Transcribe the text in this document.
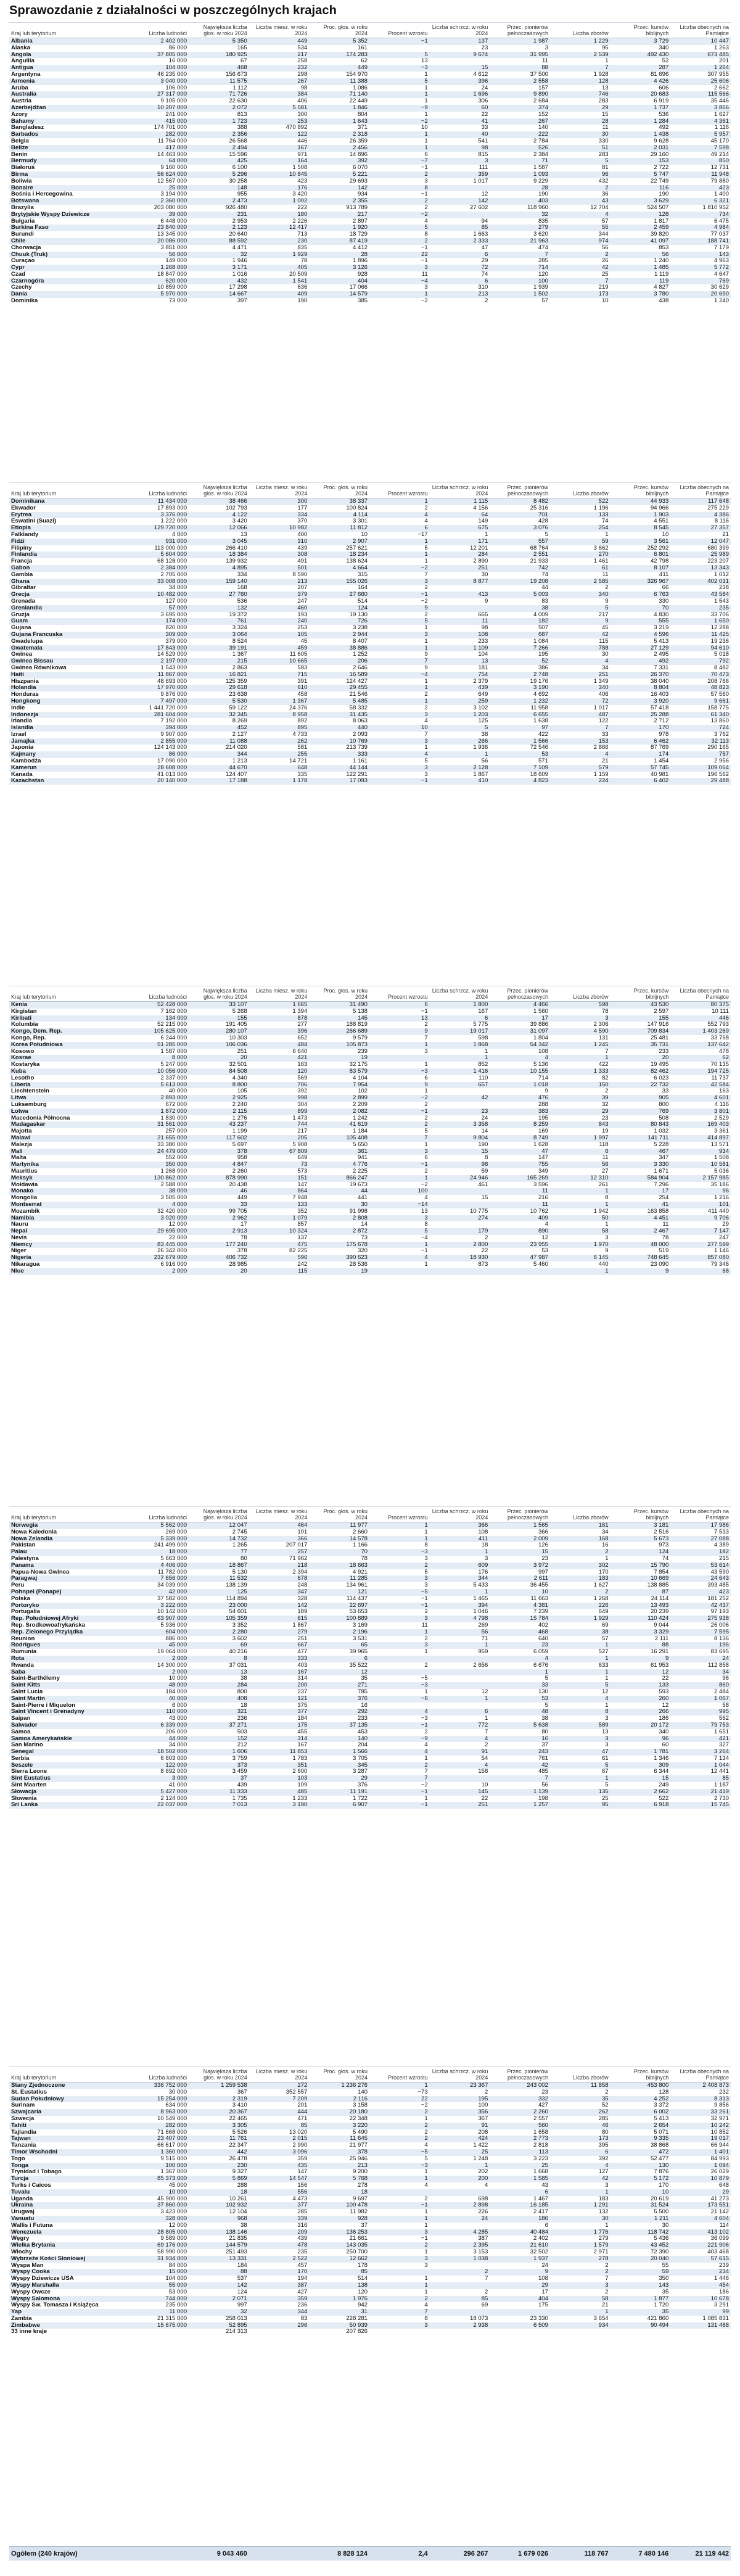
Sprawozdanie z działalności w poszczególnych krajach
Kraj lub terytorium	Liczba ludności	Największa liczba głos. w roku 2024	Liczba miesz. w roku 2024	Proc. głos. w roku 2024	Procent wzrostu	Liczba schrzcz. w roku 2024	Przec. pionierów pełnoczasowych	Liczba zborów	Przec. kursów biblijnych	Liczba obecnych na Pamiątce
Albania	2 402 000	5 350	449	5 352	−1	137	1 987	1 229	3 729	10 447
Alaska	86 000	165	534	161		23	3	95	340	1 263
Angola	37 805 000	180 925	217	174 283	5	9 674	31 995	2 539	492 430	673 485
Anguilla	16 000	67	258	62	13		11	1	52	201
Antigua	104 000	468	232	449	−3	15	88	7	287	1 264
Argentyna	46 235 000	156 673	298	154 970	1	4 612	37 500	1 928	81 696	307 955
Armenia	3 040 000	11 575	267	11 388	5	396	2 558	128	4 426	25 606
Aruba	106 000	1 112	98	1 086	1	24	157	13	606	2 662
Australia	27 317 000	71 726	384	71 140	1	1 696	9 890	746	20 683	115 566
Austria	9 105 000	22 630	406	22 449	1	306	2 684	283	6 919	35 446
Azerbejdżan	10 207 000	2 072	5 581	1 846	−9	60	374	29	1 737	3 866
Azory	241 000	813	300	804	1	22	152	15	536	1 627
Bahamy	415 000	1 723	253	1 643	−2	41	267	28	1 284	4 361
Bangladesz	174 701 000	388	470 892	371	10	33	140	11	492	1 116
Barbados	282 000	2 356	122	2 318	1	40	222	30	1 438	5 957
Belgia	11 764 000	26 568	446	26 359	1	541	2 784	330	9 628	45 170
Belize	417 000	2 494	167	2 456	1	98	526	51	2 031	7 598
Benin	14 463 000	15 596	971	14 896	6	815	2 384	283	29 160	49 214
Bermudy	64 000	425	164	392	−7	3	71	5	153	850
Białoruś	9 160 000	6 100	1 508	6 070	−1	111	1 587	81	2 722	12 731
Birma	56 624 000	5 296	10 845	5 221	2	359	1 093	96	5 747	11 948
Boliwia	12 567 000	30 258	423	29 693	3	1 017	9 229	432	22 749	79 880
Bonaire	25 000	148	176	142	8		28	2	116	423
Bośnia i Hercegowina	3 194 000	955	3 420	934	−1	12	190	36	190	1 400
Botswana	2 360 000	2 473	1 002	2 355	2	142	403	43	3 629	6 321
Brazylia	203 080 000	926 480	222	913 789	2	27 602	118 960	12 704	524 507	1 810 952
Brytyjskie Wyspy Dziewicze	39 000	231	180	217	−2		32	4	128	734
Bułgaria	6 448 000	2 953	2 226	2 897	4	94	835	57	1 817	6 475
Burkina Faso	23 840 000	2 123	12 417	1 920	5	85	279	55	2 459	4 984
Burundi	13 345 000	20 640	713	18 729	8	1 663	3 620	344	39 820	77 037
Chile	20 086 000	88 592	230	87 419	2	2 333	21 963	974	41 097	188 741
Chorwacja	3 851 000	4 471	835	4 412	−1	47	474	56	853	7 179
Chuuk (Truk)	56 000	32	1 929	28	22	6	7	2	56	143
Curaçao	149 000	1 946	78	1 896	−1	29	285	26	1 240	4 963
Cypr	1 268 000	3 171	405	3 126	3	72	714	42	1 485	5 772
Czad	18 847 000	1 016	20 509	928	11	74	120	25	1 119	4 647
Czarnogóra	620 000	432	1 541	404	−4	6	100	7	119	769
Czechy	10 859 000	17 298	636	17 066	3	310	1 939	219	4 827	30 629
Dania	5 970 000	14 667	409	14 579	1	213	1 502	173	3 780	20 690
Dominika	73 000	397	190	385	−2	2	57	10	438	1 240
Kraj lub terytorium	Liczba ludności	Największa liczba głos. w roku 2024	Liczba miesz. w roku 2024	Proc. głos. w roku 2024	Procent wzrostu	Liczba schrzcz. w roku 2024	Przec. pionierów pełnoczasowych	Liczba zborów	Przec. kursów biblijnych	Liczba obecnych na Pamiątce
Dominikana	11 434 000	38 466	300	38 337	1	1 115	8 482	522	44 933	117 648
Ekwador	17 893 000	102 793	177	100 824	2	4 156	25 316	1 196	94 966	275 229
Erytrea	3 376 000	4 122	334	4 114	4	64	701	133	1 903	4 386
Eswatini (Suazi)	1 222 000	3 420	370	3 301	4	149	428	74	4 551	8 116
Etiopia	129 720 000	12 066	10 982	11 812	6	675	3 076	254	8 545	27 357
Falklandy	4 000	13	400	10	−17	1	5	1	10	21
Fidżi	931 000	3 045	310	2 907	1	171	557	59	3 561	12 047
Filipiny	113 000 000	266 410	439	257 621	5	12 201	68 764	3 662	252 292	680 399
Finlandia	5 604 000	18 384	308	18 234	1	284	2 551	270	6 801	25 989
Francja	68 128 000	139 932	491	138 624	1	2 890	21 933	1 461	42 798	223 207
Gabon	2 384 000	4 895	501	4 664	−2	251	742	61	8 107	13 343
Gambia	2 705 000	334	8 590	315	7	30	74	11	411	1 012
Ghana	33 008 000	159 140	213	155 026	3	8 877	19 208	2 585	326 967	402 031
Gibraltar	34 000	168	207	164	2		44	2	66	238
Grecja	10 482 000	27 760	379	27 660	−1	413	5 003	340	6 763	43 584
Grenada	127 000	536	247	514	−2	9	83	9	330	1 543
Grenlandia	57 000	132	460	124	9		38	5	70	235
Gruzja	3 695 000	19 372	193	19 130	2	665	4 009	217	4 830	33 706
Guam	174 000	761	240	726	5	11	182	9	555	1 650
Gujana	820 000	3 324	253	3 238	1	98	507	45	3 219	12 288
Gujana Francuska	309 000	3 064	105	2 944	3	108	687	42	4 596	11 425
Gwadelupa	379 000	8 524	45	8 407	1	233	1 084	115	5 413	19 236
Gwatemala	17 843 000	39 191	459	38 886	1	1 109	7 266	788	27 129	94 610
Gwinea	14 529 000	1 367	11 605	1 252	9	104	195	30	2 495	5 018
Gwinea Bissau	2 197 000	215	10 665	206	7	13	52	4	492	792
Gwinea Równikowa	1 543 000	2 863	583	2 646	9	181	386	34	7 331	8 482
Haiti	11 867 000	16 821	715	16 589	−4	754	2 748	251	26 370	70 473
Hiszpania	48 693 000	125 359	391	124 427	1	2 379	19 176	1 349	38 040	208 766
Holandia	17 970 000	29 618	610	29 455	1	439	3 190	340	8 804	48 823
Honduras	9 876 000	23 638	458	21 546	2	649	4 692	406	16 403	57 560
Hongkong	7 497 000	5 530	1 367	5 485	1	259	1 232	72	3 920	9 661
Indie	1 441 720 000	59 122	24 376	58 332	2	3 102	11 958	1 017	57 418	158 775
Indonezja	281 604 000	32 345	8 958	31 435	3	1 203	6 655	487	25 288	61 340
Irlandia	7 192 000	8 269	892	8 063	4	125	1 638	122	2 712	13 860
Islandia	394 000	452	895	440	10	5	97	7	170	724
Izrael	9 907 000	2 127	4 733	2 093	7	38	422	33	978	3 762
Jamajka	2 855 000	11 088	262	10 769	3	266	1 566	153	6 462	32 113
Japonia	124 143 000	214 020	581	213 739	1	1 936	72 546	2 866	87 769	290 165
Kajmany	86 000	344	255	333	4	1	53	4	174	757
Kambodża	17 090 000	1 213	14 721	1 161	5	56	571	21	1 454	2 956
Kamerun	28 608 000	44 670	648	44 144	3	2 128	7 109	579	57 745	109 064
Kanada	41 013 000	124 407	335	122 291	3	1 867	18 609	1 159	40 981	196 562
Kazachstan	20 140 000	17 188	1 178	17 093	−1	410	4 823	224	6 402	29 488
Kraj lub terytorium	Liczba ludności	Największa liczba głos. w roku 2024	Liczba miesz. w roku 2024	Proc. głos. w roku 2024	Procent wzrostu	Liczba schrzcz. w roku 2024	Przec. pionierów pełnoczasowych	Liczba zborów	Przec. kursów biblijnych	Liczba obecnych na Pamiątce
Kenia	52 428 000	33 107	1 665	31 490	6	1 800	4 466	598	43 530	80 375
Kirgistan	7 162 000	5 268	1 394	5 138	−1	167	1 560	78	2 597	10 111
Kiribati	134 000	155	878	145	13	6	17	3	155	446
Kolumbia	52 215 000	191 405	277	188 819	2	5 775	39 886	2 306	147 916	552 793
Kongo, Dem. Rep.	105 625 000	280 107	396	266 689	9	19 017	31 097	4 590	709 834	1 403 269
Kongo, Rep.	6 244 000	10 303	652	9 579	7	598	1 804	131	25 481	33 768
Korea Południowa	51 285 000	106 036	484	105 873	1	1 868	54 342	1 245	35 731	137 642
Kosowo	1 587 000	251	6 640	239	3	1	108	7	233	478
Kosrae	8 000	20	421	19		1	4	1	20	62
Kostaryka	5 247 000	32 501	163	32 175	1	852	5 136	422	19 495	70 135
Kuba	10 056 000	84 508	120	83 579	−3	1 416	10 155	1 333	82 462	194 725
Lesotho	2 337 000	4 340	569	4 104	6	110	714	82	6 023	11 737
Liberia	5 613 000	8 800	706	7 954	9	657	1 018	150	22 732	42 584
Liechtenstein	40 000	105	392	102	1		9	2	33	163
Litwa	2 893 000	2 925	998	2 899	−2	42	476	39	905	4 601
Luksemburg	672 000	2 240	304	2 209	2		288	32	800	4 116
Łotwa	1 872 000	2 115	899	2 082	−1	23	383	29	769	3 801
Macedonia Północna	1 830 000	1 276	1 473	1 242	2	24	195	23	508	2 529
Madagaskar	31 561 000	43 237	744	41 619	2	3 358	8 259	843	80 843	169 403
Majotta	257 000	1 199	217	1 184	5	14	169	19	1 032	3 361
Malawi	21 655 000	117 602	205	105 408	7	9 804	8 749	1 997	141 711	414 897
Malezja	33 380 000	5 697	5 908	5 650	1	190	1 628	118	5 228	13 571
Mali	24 479 000	378	67 809	361	3	15	47	6	467	934
Malta	552 000	958	649	941	6	8	147	11	347	1 508
Martynika	350 000	4 847	73	4 776	−1	98	755	56	3 330	10 581
Mauritius	1 268 000	2 260	573	2 225	2	59	349	27	1 671	5 036
Meksyk	130 862 000	878 990	151	866 247	1	24 946	165 269	12 310	584 904	2 157 985
Mołdawia	2 588 000	20 438	147	19 673	−2	461	3 596	261	7 296	35 186
Monako	38 000	46	864	44	100		11	1	17	96
Mongolia	3 505 000	449	7 948	441	4	15	216	8	254	1 216
Montserrat	4 000	33	133	30	−14		11	1	41	101
Mozambik	32 420 000	99 705	352	91 998	13	10 775	10 762	1 942	163 858	411 440
Namibia	3 020 000	2 962	1 079	2 808	3	274	409	50	4 451	9 706
Nauru	12 000	17	857	14	8		4	1	11	29
Nepal	29 695 000	2 913	10 324	2 872	5	179	890	58	2 467	7 147
Nevis	22 000	78	137	73	−4	2	12	3	78	247
Niemcy	83 445 000	177 240	475	175 678	1	2 800	23 955	1 970	48 000	277 599
Niger	26 342 000	378	82 225	320	−1	22	53	9	519	1 146
Nigeria	232 679 000	406 732	596	390 623	4	18 930	47 987	6 145	748 645	857 080
Nikaragua	6 916 000	28 985	242	28 536	1	873	5 460	440	23 090	79 346
Niue	2 000	20	115	19				1	9	68
Kraj lub terytorium	Liczba ludności	Największa liczba głos. w roku 2024	Liczba miesz. w roku 2024	Proc. głos. w roku 2024	Procent wzrostu	Liczba schrzcz. w roku 2024	Przec. pionierów pełnoczasowych	Liczba zborów	Przec. kursów biblijnych	Liczba obecnych na Pamiątce
Norwegia	5 562 000	12 047	464	11 977	1	366	1 565	161	3 181	17 986
Nowa Kaledonia	269 000	2 745	101	2 660	1	108	366	34	2 516	7 533
Nowa Zelandia	5 339 000	14 732	366	14 578	1	411	2 009	168	5 673	27 088
Pakistan	241 499 000	1 265	207 017	1 166	8	18	126	16	973	4 389
Palau	18 000	77	257	70	−3	1	15	2	124	182
Palestyna	5 663 000	80	71 962	78	3	3	23	1	74	215
Panama	4 406 000	18 867	218	18 663	2	609	3 972	302	15 790	53 614
Papua-Nowa Gwinea	11 782 000	5 130	2 394	4 921	5	176	997	170	7 854	43 590
Paragwaj	7 656 000	11 532	678	11 285	3	344	2 611	183	10 669	24 643
Peru	34 039 000	138 139	248	134 961	3	5 433	36 455	1 627	138 885	393 485
Pohnpei (Ponape)	42 000	125	347	121	−5	1	10	2	87	423
Polska	37 582 000	114 894	328	114 437	−1	1 465	11 663	1 268	24 114	181 252
Portoryko	3 222 000	23 000	142	22 697	−1	394	4 381	226	13 493	42 437
Portugalia	10 142 000	54 601	189	53 653	2	1 046	7 239	649	20 239	97 193
Rep. Południowej Afryki	63 907 000	105 359	615	100 889	3	4 798	15 784	1 929	110 424	275 938
Rep. Środkowoafrykańska	5 936 000	3 352	1 867	3 169	11	269	402	69	9 044	26 006
Rep. Zielonego Przylądka	604 000	2 280	279	2 196	1	56	468	38	3 329	7 595
Reunion	886 000	3 602	251	3 531	2	71	640	57	2 111	8 136
Rodrigues	45 000	69	667	65	3	1	23	1	88	196
Rumunia	19 064 000	40 216	477	39 965	1	959	6 059	527	16 291	83 695
Rota	2 000	8	333	6			4	1	9	24
Rwanda	14 300 000	37 031	403	35 522	2	2 656	6 676	633	61 953	112 858
Saba	2 000	13	167	12			1	1	12	34
Saint-Barthélemy	10 000	38	314	35	−5		5	1	22	96
Saint Kitts	48 000	284	200	271	−3		33	5	133	860
Saint Lucia	184 000	800	237	785	1	12	130	12	593	2 484
Saint Martin	40 000	408	121	376	−6	1	53	4	260	1 067
Saint-Pierre i Miquelon	6 000	18	375	16			5	1	12	58
Saint Vincent i Grenadyny	110 000	321	377	292	4	6	48	8	266	995
Saipan	43 000	236	184	233	−3	1	38	3	186	562
Salwador	6 339 000	37 271	175	37 135	−1	772	5 638	589	20 172	79 753
Samoa	206 000	503	455	453	2	7	80	13	340	1 651
Samoa Amerykańskie	44 000	152	314	140	−9	4	16	3	96	421
San Marino	34 000	212	167	204	4	2	37	3	60	327
Senegal	18 502 000	1 606	11 853	1 566	4	91	243	47	1 781	3 264
Serbia	6 603 000	3 759	1 783	3 705	1	54	761	61	1 346	7 134
Seszele	122 000	373	351	345	2	4	42	5	309	1 044
Sierra Leone	8 692 000	3 459	2 600	3 287	7	158	485	67	6 344	12 441
Sint Eustatius	3 000	37	103	29	7		7	1	15	85
Sint Maarten	41 000	439	109	376	−2	10	56	5	249	1 187
Słowacja	5 427 000	11 333	485	11 191	−1	145	1 139	135	2 662	21 419
Słowenia	2 124 000	1 735	1 233	1 722	1	22	198	25	522	2 730
Sri Lanka	22 037 000	7 013	3 190	6 907	−1	251	1 257	95	6 918	15 745
Kraj lub terytorium	Liczba ludności	Największa liczba głos. w roku 2024	Liczba miesz. w roku 2024	Proc. głos. w roku 2024	Procent wzrostu	Liczba schrzcz. w roku 2024	Przec. pionierów pełnoczasowych	Liczba zborów	Przec. kursów biblijnych	Liczba obecnych na Pamiątce
Stany Zjednoczone	336 752 000	1 259 538	272	1 236 276	1	23 367	243 002	11 858	453 800	2 408 873
St. Eustatius	30 000	367	352 557	140	−73	2	23	2	128	232
Sudan Południowy	15 254 000	2 319	7 209	2 116	22	195	332	35	4 252	8 313
Surinam	634 000	3 410	201	3 158	−2	100	427	52	3 372	9 856
Szwajcaria	8 963 000	20 367	444	20 180	2	356	2 260	262	6 002	33 261
Szwecja	10 549 000	22 465	471	22 348	1	367	2 557	285	5 413	32 971
Tahiti	282 000	3 305	85	3 220	2	91	560	46	2 654	10 242
Tajlandia	71 668 000	5 526	13 020	5 490	2	208	1 658	80	5 071	10 852
Tajwan	23 407 000	11 761	2 015	11 645	2	424	2 773	173	9 335	19 017
Tanzania	66 617 000	22 347	2 990	21 977	4	1 422	2 818	395	38 868	66 944
Timor Wschodni	1 360 000	442	3 096	378	−5	25	113	6	472	1 401
Togo	9 515 000	26 478	359	25 946	5	1 248	3 223	392	52 477	84 993
Tonga	100 000	230	435	213	−3	1	25	4	130	1 094
Trynidad i Tobago	1 367 000	9 327	147	9 200	1	202	1 668	127	7 876	26 029
Turcja	85 373 000	5 869	14 547	5 768	1	200	1 585	42	5 172	10 879
Turks i Caicos	45 000	288	156	278	4	4	43	3	170	648
Tuvalu	10 000	18	556	18			6	1	10	29
Uganda	45 900 000	10 261	4 473	9 697	2	698	1 467	183	20 619	41 273
Ukraina	37 860 000	102 932	377	100 478	−1	2 898	16 185	1 291	31 524	173 551
Urugwaj	3 423 000	12 104	285	11 982	1	226	2 417	132	5 500	21 142
Vanuatu	328 000	968	339	928	1	24	186	30	1 211	4 604
Wallis i Futuna	12 000	38	316	37	1		6	1	30	114
Wenezuela	28 805 000	138 146	209	136 253	3	4 285	40 484	1 776	118 742	413 102
Węgry	9 589 000	21 835	439	21 661	−1	387	2 402	279	5 436	36 099
Wielka Brytania	69 176 000	144 579	478	143 035	2	2 395	21 610	1 579	43 452	221 906
Włochy	58 990 000	251 493	235	250 700	1	3 153	32 502	2 971	72 390	403 468
Wybrzeże Kości Słoniowej	31 934 000	13 331	2 522	12 662	3	1 038	1 937	278	20 040	57 615
Wyspa Man	84 000	184	457	178	3		24	2	55	239
Wyspy Cooka	15 000	88	170	85		2	9	2	59	234
Wyspy Dziewicze USA	104 000	537	194	514	1	7	108	7	350	1 446
Wyspy Marshalla	55 000	142	387	138	1		29	3	143	454
Wyspy Owcze	53 000	124	427	120	1	2	17	2	35	186
Wyspy Salomona	744 000	2 071	359	1 976	2	85	404	58	1 877	10 678
Wyspy Św. Tomasza i Książęca	235 000	997	236	942	4	69	175	21	1 720	3 291
Yap	11 000	32	344	31	7			1	35	99
Zambia	21 315 000	258 013	83	228 281	8	18 073	23 330	3 654	421 860	1 085 831
Zimbabwe	15 675 000	52 895	296	50 939	3	2 938	6 509	934	90 494	131 488
33 inne kraje		214 313		207 826						
Ogółem (240 krajów)		9 043 460		8 828 124	2,4	296 267	1 679 026	118 767	7 480 146	21 119 442
